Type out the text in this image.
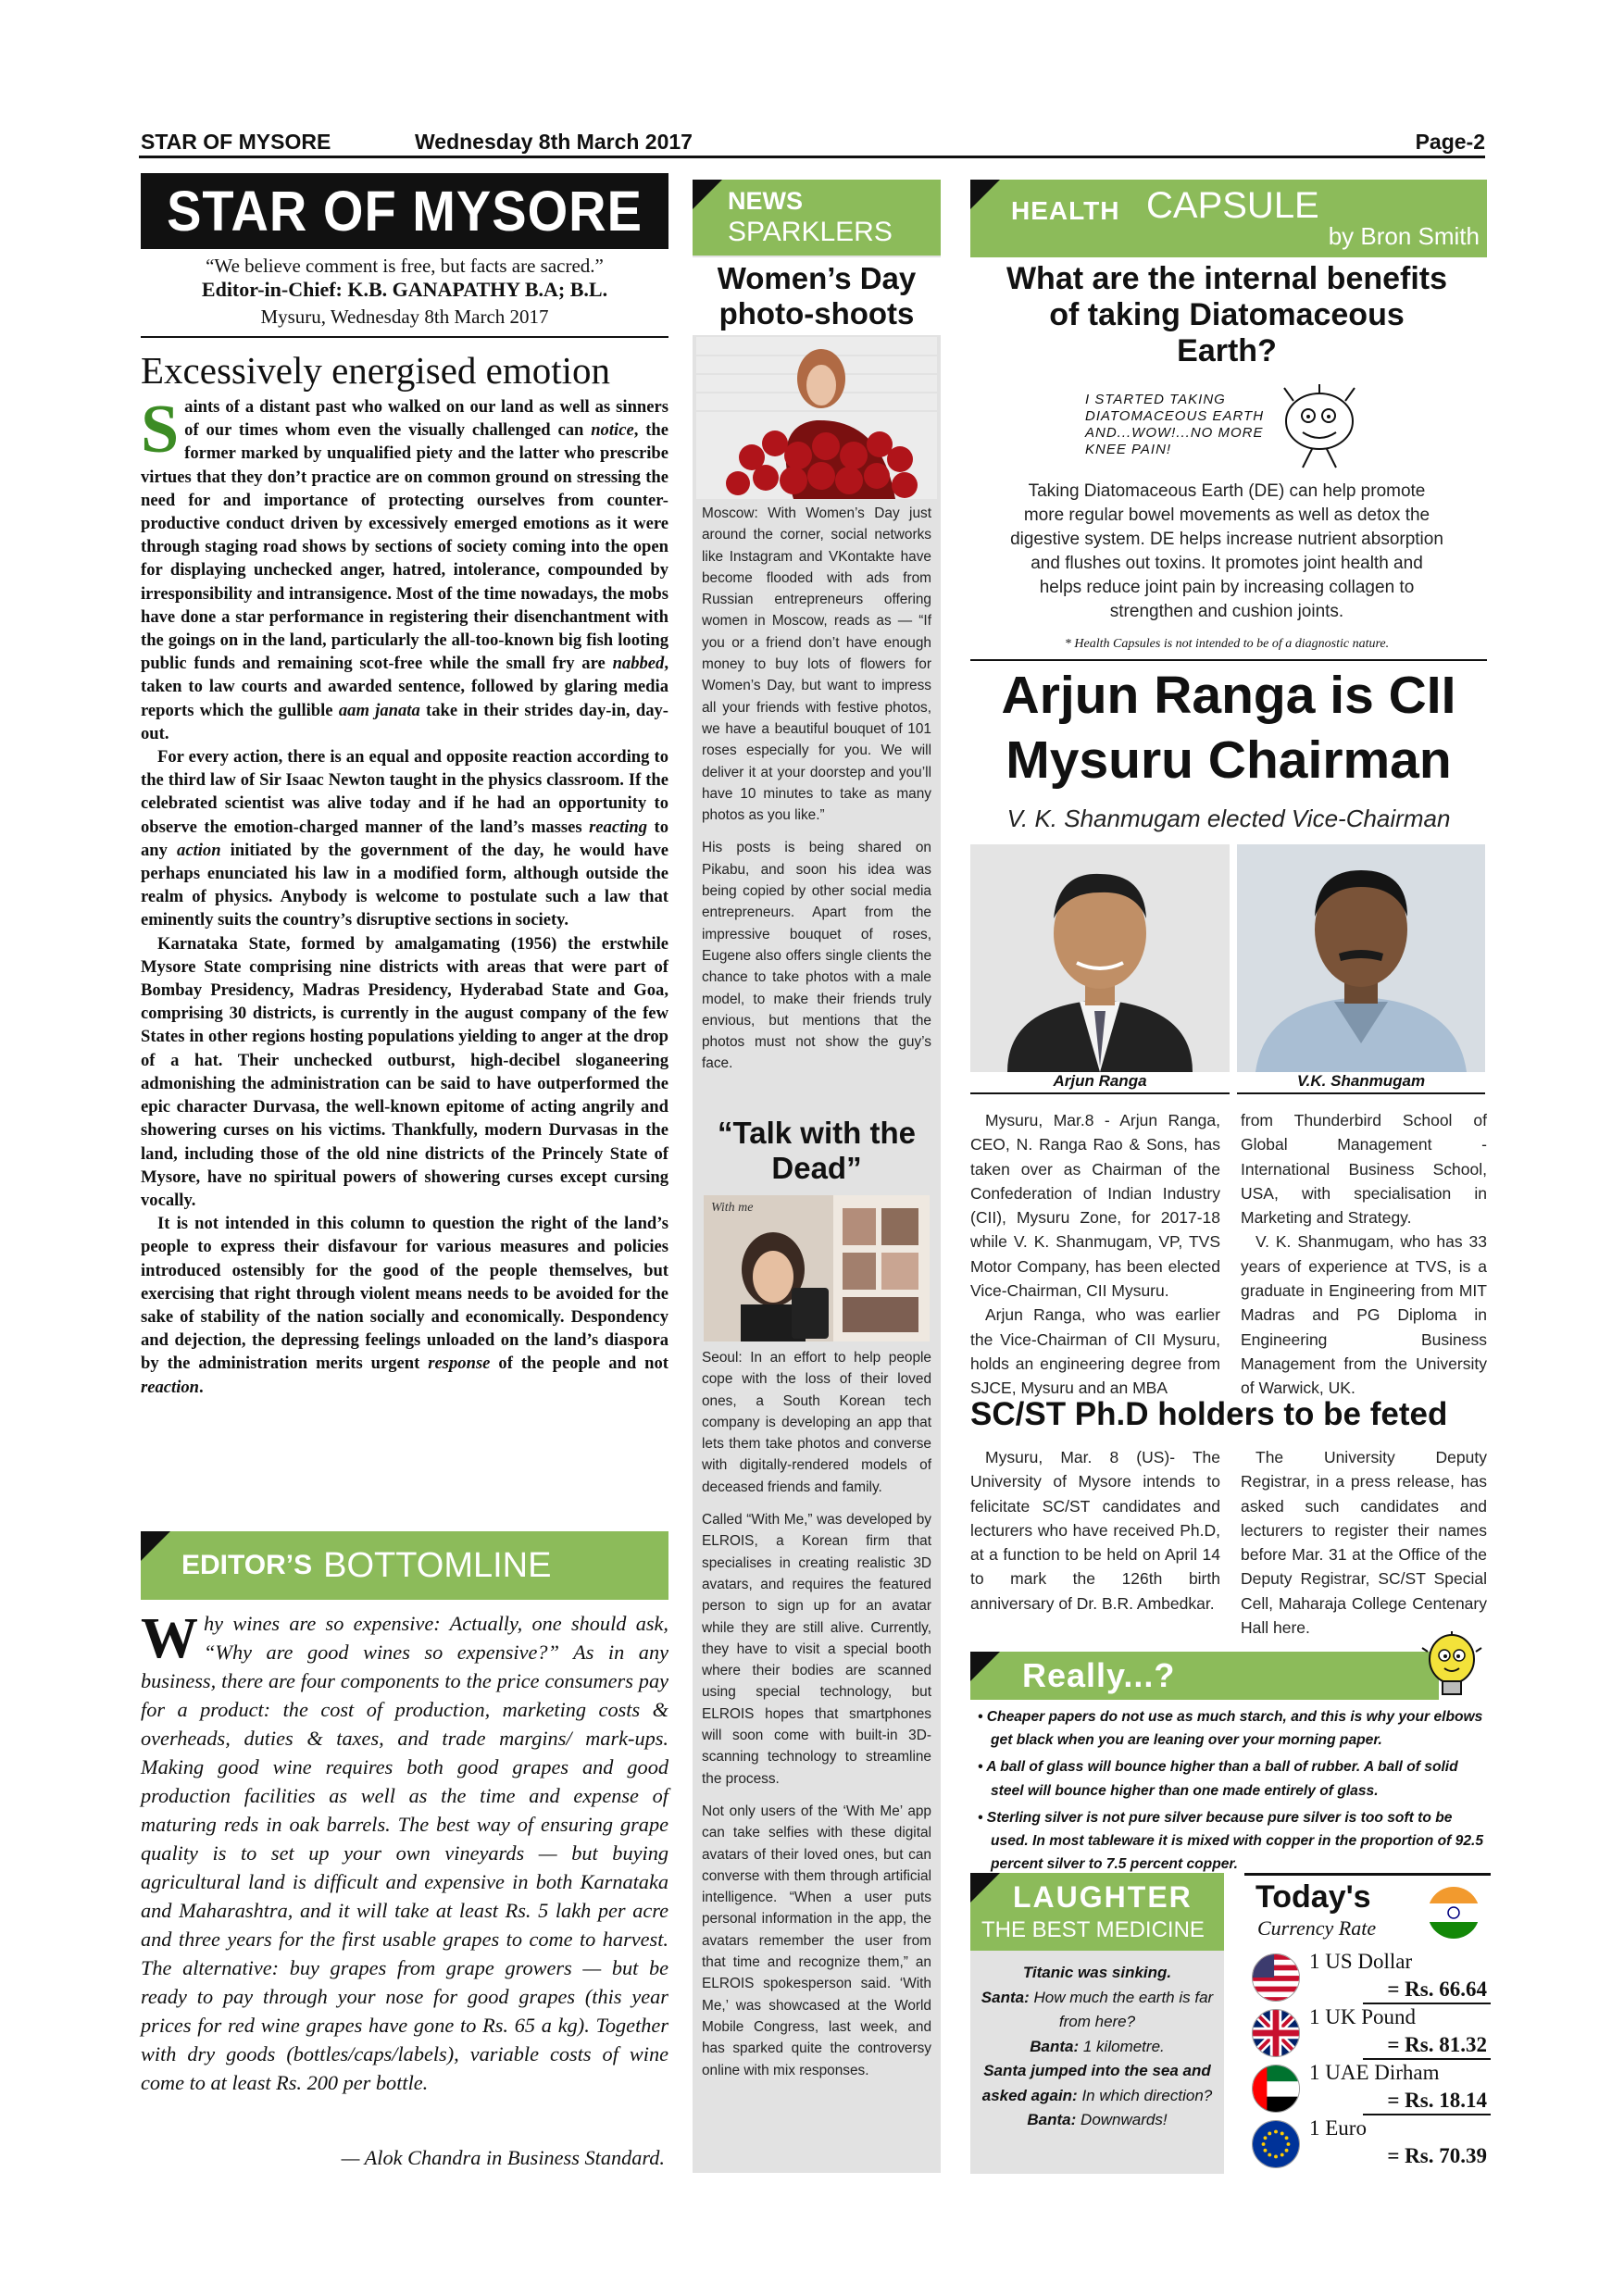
STAR OF MYSORE	Wednesday 8th March 2017	Page-2
STAR OF MYSORE
“We believe comment is free, but facts are sacred.”
Editor-in-Chief: K.B. GANAPATHY B.A; B.L.
Mysuru, Wednesday 8th March 2017
Excessively energised emotion

Saints of a distant past who walked on our land as well as sinners of our times whom even the visually challenged can notice, the former marked by unqualified piety and the latter who prescribe virtues that they don’t practice are on common ground on stressing the need for and importance of protecting ourselves from counter-productive conduct driven by excessively emerged emotions as it were through staging road shows by sections of society coming into the open for displaying unchecked anger, hatred, intolerance, compounded by irresponsibility and intransigence. Most of the time nowadays, the mobs have done a star performance in registering their disenchantment with the goings on in the land, particularly the all-too-known big fish looting public funds and remaining scot-free while the small fry are nabbed, taken to law courts and awarded sentence, followed by glaring media reports which the gullible aam janata take in their strides day-in, day-out.

For every action, there is an equal and opposite reaction according to the third law of Sir Isaac Newton taught in the physics classroom. If the celebrated scientist was alive today and if he had an opportunity to observe the emotion-charged manner of the land’s masses reacting to any action initiated by the government of the day, he would have perhaps enunciated his law in a modified form, although outside the realm of physics. Anybody is welcome to postulate such a law that eminently suits the country’s disruptive sections in society.

Karnataka State, formed by amalgamating (1956) the erstwhile Mysore State comprising nine districts with areas that were part of Bombay Presidency, Madras Presidency, Hyderabad State and Goa, comprising 30 districts, is currently in the august company of the few States in other regions hosting populations yielding to anger at the drop of a hat. Their unchecked outburst, high-decibel sloganeering admonishing the administration can be said to have outperformed the epic character Durvasa, the well-known epitome of acting angrily and showering curses on his victims. Thankfully, modern Durvasas in the land, including those of the old nine districts of the Princely State of Mysore, have no spiritual powers of showering curses except cursing vocally.

It is not intended in this column to question the right of the land’s people to express their disfavour for various measures and policies introduced ostensibly for the good of the people themselves, but exercising that right through violent means needs to be avoided for the sake of stability of the nation socially and economically. Despondency and dejection, the depressing feelings unloaded on the land’s diaspora by the administration merits urgent response of the people and not reaction.

EDITOR’S BOTTOMLINE
Why wines are so expensive: Actually, one should ask, “Why are good wines so expensive?” As in any business, there are four components to the price consumers pay for a product: the cost of production, marketing costs & overheads, duties & taxes, and trade margins/ mark-ups. Making good wine requires both good grapes and good production facilities as well as the time and expense of maturing reds in oak barrels. The best way of ensuring grape quality is to set up your own vineyards — but buying agricultural land is difficult and expensive in both Karnataka and Maharashtra, and it will take at least Rs. 5 lakh per acre and three years for the first usable grapes to come to harvest. The alternative: buy grapes from grape growers — but be ready to pay through your nose for good grapes (this year prices for red wine grapes have gone to Rs. 65 a kg). Together with dry goods (bottles/caps/labels), variable costs of wine come to at least Rs. 200 per bottle.
— Alok Chandra in Business Standard.
NEWS
SPARKLERS
Women’s Day photo-shoots

Moscow: With Women’s Day just around the corner, social networks like Instagram and VKontakte have become flooded with ads from Russian entrepreneurs offering women in Moscow, reads as — “If you or a friend don’t have enough money to buy lots of flowers for Women’s Day, but want to impress all your friends with festive photos, we have a beautiful bouquet of 101 roses especially for you. We will deliver it at your doorstep and you’ll have 10 minutes to take as many photos as you like.”

His posts is being shared on Pikabu, and soon his idea was being copied by other social media entrepreneurs. Apart from the impressive bouquet of roses, Eugene also offers single clients the chance to take photos with a male model, to make their friends truly envious, but mentions that the photos must not show the guy’s face.

“Talk with the Dead”
With me

Seoul: In an effort to help people cope with the loss of their loved ones, a South Korean tech company is developing an app that lets them take photos and converse with digitally-rendered models of deceased friends and family.

Called “With Me,” was developed by ELROIS, a Korean firm that specialises in creating realistic 3D avatars, and requires the featured person to sign up for an avatar while they are still alive. Currently, they have to visit a special booth where their bodies are scanned using special technology, but ELROIS hopes that smartphones will soon come with built-in 3D-scanning technology to streamline the process.

Not only users of the ‘With Me’ app can take selfies with these digital avatars of their loved ones, but can converse with them through artificial intelligence. “When a user puts personal information in the app, the avatars remember the user from that time and recognize them,” an ELROIS spokesperson said. ‘With Me,’ was showcased at the World Mobile Congress, last week, and has sparked quite the controversy online with mix responses.

HEALTH CAPSULE
by Bron Smith
What are the internal benefits of taking Diatomaceous Earth?
I STARTED TAKING DIATOMACEOUS EARTH AND...WOW!...NO MORE KNEE PAIN!
Taking Diatomaceous Earth (DE) can help promote more regular bowel movements as well as detox the digestive system. DE helps increase nutrient absorption and flushes out toxins. It promotes joint health and helps reduce joint pain by increasing collagen to strengthen and cushion joints.
* Health Capsules is not intended to be of a diagnostic nature.
Arjun Ranga is CII Mysuru Chairman
V. K. Shanmugam elected Vice-Chairman
Arjun Ranga	V.K. Shanmugam

Mysuru, Mar.8 - Arjun Ranga, CEO, N. Ranga Rao & Sons, has taken over as Chairman of the Confederation of Indian Industry (CII), Mysuru Zone, for 2017-18 while V. K. Shanmugam, VP, TVS Motor Company, has been elected Vice-Chairman, CII Mysuru.

Arjun Ranga, who was earlier the Vice-Chairman of CII Mysuru, holds an engineering degree from SJCE, Mysuru and an MBA

from Thunderbird School of Global Management - International Business School, USA, with specialisation in Marketing and Strategy.

V. K. Shanmugam, who has 33 years of experience at TVS, is a graduate in Engineering from MIT Madras and PG Diploma in Engineering Business Management from the University of Warwick, UK.

SC/ST Ph.D holders to be feted
Mysuru, Mar. 8 (US)- The University of Mysore intends to felicitate SC/ST candidates and lecturers who have received Ph.D, at a function to be held on April 14 to mark the 126th birth anniversary of Dr. B.R. Ambedkar.
The University Deputy Registrar, in a press release, has asked such candidates and lecturers to register their names before Mar. 31 at the Office of the Deputy Registrar, SC/ST Special Cell, Maharaja College Centenary Hall here.
Really...?
• Cheaper papers do not use as much starch, and this is why your elbows get black when you are leaning over your morning paper.
• A ball of glass will bounce higher than a ball of rubber. A ball of solid steel will bounce higher than one made entirely of glass.
• Sterling silver is not pure silver because pure silver is too soft to be used. In most tableware it is mixed with copper in the proportion of 92.5 percent silver to 7.5 percent copper.
LAUGHTER
THE BEST MEDICINE
Titanic was sinking.
Santa: How much the earth is far from here?
Banta: 1 kilometre.
Santa jumped into the sea and asked again: In which direction?
Banta: Downwards!
Today's
Currency Rate
1 US Dollar
= Rs. 66.64
1 UK Pound
= Rs. 81.32
1 UAE Dirham
= Rs. 18.14
1 Euro
= Rs. 70.39
